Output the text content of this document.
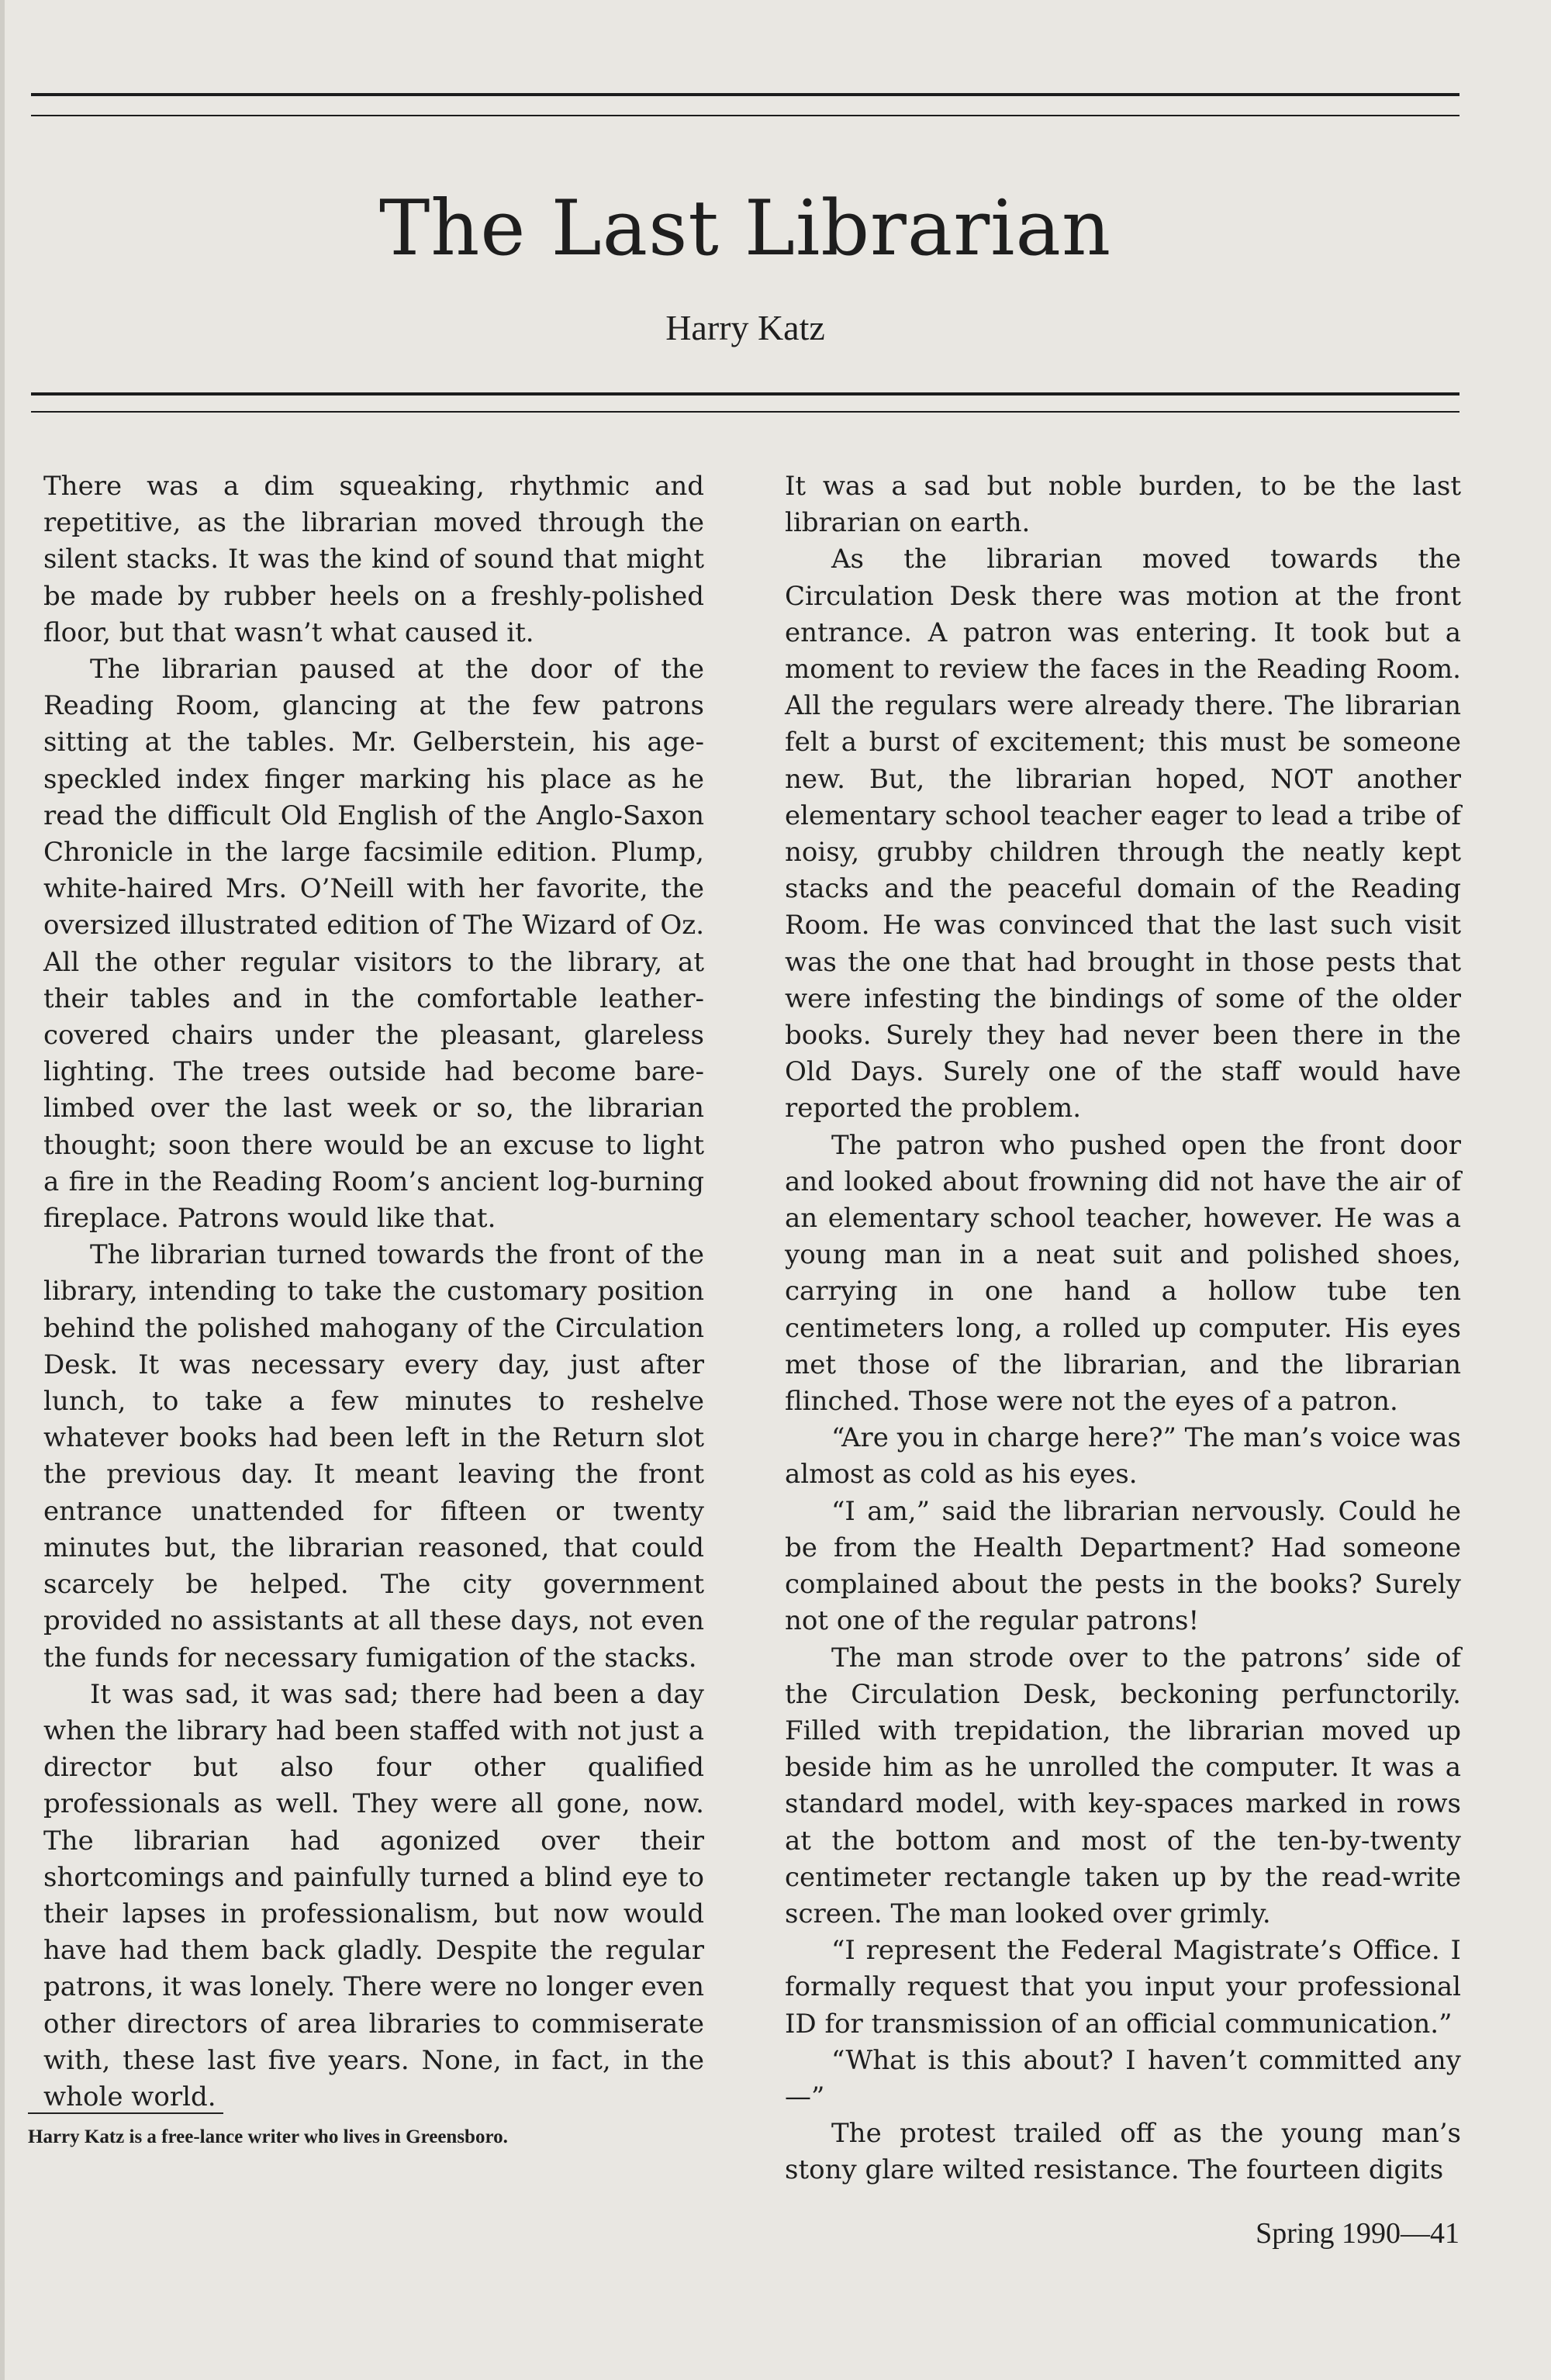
The Last Librarian
Harry Katz

There was a dim squeaking, rhythmic and repetitive, as the librarian moved through the silent stacks. It was the kind of sound that might be made by rubber heels on a freshly-polished floor, but that wasn’t what caused it.

The librarian paused at the door of the Reading Room, glancing at the few patrons sitting at the tables. Mr. Gelberstein, his age-speckled index finger marking his place as he read the difficult Old English of the Anglo-Saxon Chronicle in the large facsimile edition. Plump, white-haired Mrs. O’Neill with her favorite, the oversized illustrated edition of The Wizard of Oz. All the other regular visitors to the library, at their tables and in the comfortable leather-covered chairs under the pleasant, glareless lighting. The trees outside had become bare-limbed over the last week or so, the librarian thought; soon there would be an excuse to light a fire in the Reading Room’s ancient log-burning fireplace. Patrons would like that.

The librarian turned towards the front of the library, intending to take the customary position behind the polished mahogany of the Circulation Desk. It was necessary every day, just after lunch, to take a few minutes to reshelve whatever books had been left in the Return slot the previous day. It meant leaving the front entrance unattended for fifteen or twenty minutes but, the librarian reasoned, that could scarcely be helped. The city government provided no assistants at all these days, not even the funds for necessary fumigation of the stacks.

It was sad, it was sad; there had been a day when the library had been staffed with not just a director but also four other qualified professionals as well. They were all gone, now. The librarian had agonized over their shortcomings and painfully turned a blind eye to their lapses in professionalism, but now would have had them back gladly. Despite the regular patrons, it was lonely. There were no longer even other directors of area libraries to commiserate with, these last five years. None, in fact, in the whole world.

It was a sad but noble burden, to be the last librarian on earth.

As the librarian moved towards the Circulation Desk there was motion at the front entrance. A patron was entering. It took but a moment to review the faces in the Reading Room. All the regulars were already there. The librarian felt a burst of excitement; this must be someone new. But, the librarian hoped, NOT another elementary school teacher eager to lead a tribe of noisy, grubby children through the neatly kept stacks and the peaceful domain of the Reading Room. He was convinced that the last such visit was the one that had brought in those pests that were infesting the bindings of some of the older books. Surely they had never been there in the Old Days. Surely one of the staff would have reported the problem.

The patron who pushed open the front door and looked about frowning did not have the air of an elementary school teacher, however. He was a young man in a neat suit and polished shoes, carrying in one hand a hollow tube ten centimeters long, a rolled up computer. His eyes met those of the librarian, and the librarian flinched. Those were not the eyes of a patron.

“Are you in charge here?” The man’s voice was almost as cold as his eyes.

“I am,” said the librarian nervously. Could he be from the Health Department? Had someone complained about the pests in the books? Surely not one of the regular patrons!

The man strode over to the patrons’ side of the Circulation Desk, beckoning perfunctorily. Filled with trepidation, the librarian moved up beside him as he unrolled the computer. It was a standard model, with key-spaces marked in rows at the bottom and most of the ten-by-twenty centimeter rectangle taken up by the read-write screen. The man looked over grimly.

“I represent the Federal Magistrate’s Office. I formally request that you input your professional ID for transmission of an official communication.”

“What is this about? I haven’t committed any—”

The protest trailed off as the young man’s stony glare wilted resistance. The fourteen digits

Harry Katz is a free-lance writer who lives in Greensboro.
Spring 1990—41
